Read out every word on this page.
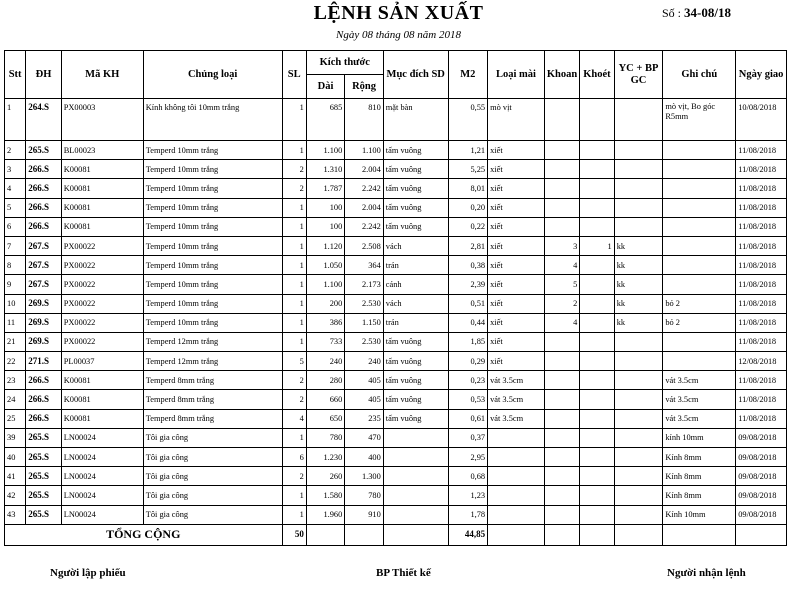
LỆNH SẢN XUẤT	Số : 34-08/18
Ngày 08 tháng 08 năm 2018
Stt	ĐH	Mã KH	Chủng loại	SL	Kích thước		Mục đích SD	M2	Loại mài	Khoan	Khoét	YC + BP GC	Ghi chú	Ngày giao
					Dài	Rộng								
1	264.S	PX00003	Kính không tôi 10mm trắng	1	685	810	mặt bàn	0,55	mò vịt				mò vịt, Bo góc R5mm	10/08/2018
2	265.S	BL00023	Temperd 10mm trắng	1	1.100	1.100	tấm vuông	1,21	xiết					11/08/2018
3	266.S	K00081	Temperd 10mm trắng	2	1.310	2.004	tấm vuông	5,25	xiết					11/08/2018
4	266.S	K00081	Temperd 10mm trắng	2	1.787	2.242	tấm vuông	8,01	xiết					11/08/2018
5	266.S	K00081	Temperd 10mm trắng	1	100	2.004	tấm vuông	0,20	xiết					11/08/2018
6	266.S	K00081	Temperd 10mm trắng	1	100	2.242	tấm vuông	0,22	xiết					11/08/2018
7	267.S	PX00022	Temperd 10mm trắng	1	1.120	2.508	vách	2,81	xiết	3	1	kk		11/08/2018
8	267.S	PX00022	Temperd 10mm trắng	1	1.050	364	trán	0,38	xiết	4		kk		11/08/2018
9	267.S	PX00022	Temperd 10mm trắng	1	1.100	2.173	cánh	2,39	xiết	5		kk		11/08/2018
10	269.S	PX00022	Temperd 10mm trắng	1	200	2.530	vách	0,51	xiết	2		kk	bỏ 2	11/08/2018
11	269.S	PX00022	Temperd 10mm trắng	1	386	1.150	trán	0,44	xiết	4		kk	bỏ 2	11/08/2018
21	269.S	PX00022	Temperd 12mm trắng	1	733	2.530	tấm vuông	1,85	xiết					11/08/2018
22	271.S	PL00037	Temperd 12mm trắng	5	240	240	tấm vuông	0,29	xiết					12/08/2018
23	266.S	K00081	Temperd 8mm trắng	2	280	405	tấm vuông	0,23	vát 3.5cm				vát 3.5cm	11/08/2018
24	266.S	K00081	Temperd 8mm trắng	2	660	405	tấm vuông	0,53	vát 3.5cm				vát 3.5cm	11/08/2018
25	266.S	K00081	Temperd 8mm trắng	4	650	235	tấm vuông	0,61	vát 3.5cm				vát 3.5cm	11/08/2018
39	265.S	LN00024	Tôi gia công	1	780	470		0,37					kính 10mm	09/08/2018
40	265.S	LN00024	Tôi gia công	6	1.230	400		2,95					Kính 8mm	09/08/2018
41	265.S	LN00024	Tôi gia công	2	260	1.300		0,68					Kính 8mm	09/08/2018
42	265.S	LN00024	Tôi gia công	1	1.580	780		1,23					Kính 8mm	09/08/2018
43	265.S	LN00024	Tôi gia công	1	1.960	910		1,78					Kính 10mm	09/08/2018
TỔNG CỘNG				50				44,85						
Người lập phiếu	BP Thiết kế	Người nhận lệnh
